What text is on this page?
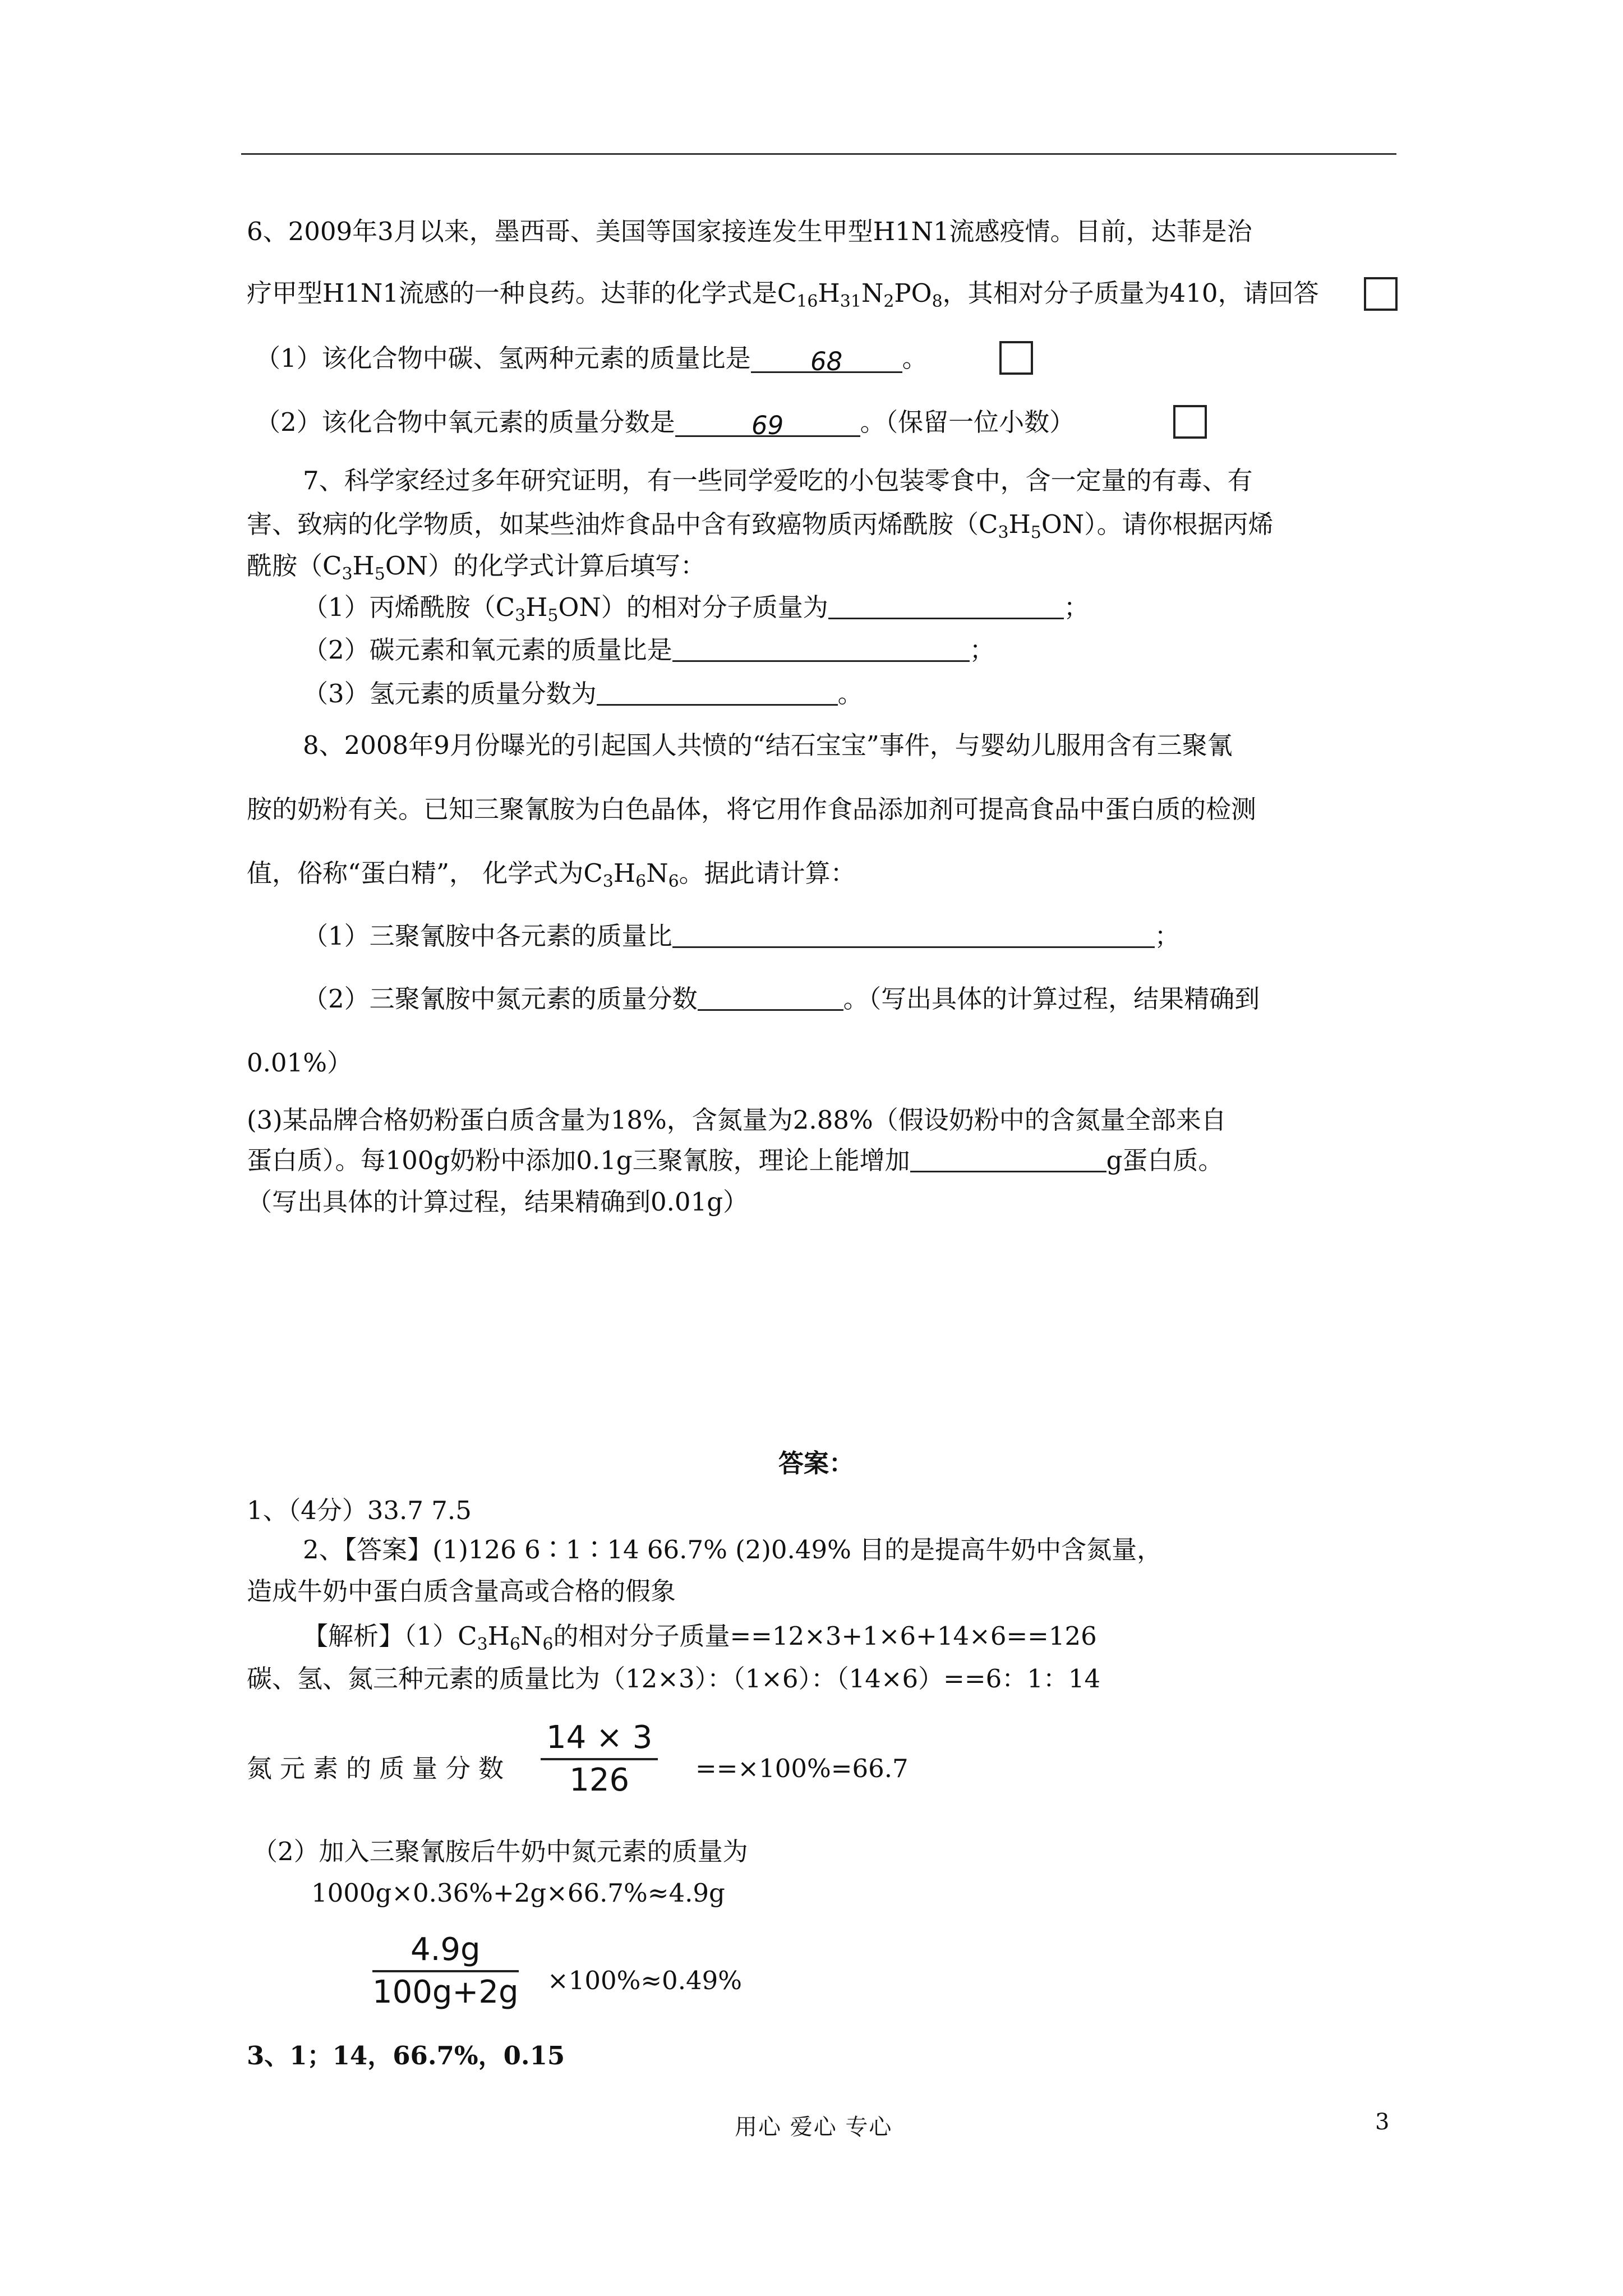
6、2009年3月以来，墨西哥、美国等国家接连发生甲型H1N1流感疫情。目前，达菲是治
疗甲型H1N1流感的一种良药。达菲的化学式是$C_{16}H_{31}N_2PO_8$，其相对分子质量为410，请回答
（1）该化合物中碳、氢两种元素的质量比是 68 。
（2）该化合物中氧元素的质量分数是	69	。（保留一位小数）
7、科学家经过多年研究证明，有一些同学爱吃的小包装零食中，含一定量的有毒、有
害、致病的化学物质，如某些油炸食品中含有致癌物质丙烯酰胺$(C_3H_5ON)$。请你根据丙烯
酰胺$(C_3H_5ON)$的化学式计算后填写：
（1）丙烯酰胺$(C_3H_5ON)$的相对分子质量为	；
（2）碳元素和氧元素的质量比是	；
（3）氢元素的质量分数为	。
8、2008年9月份曝光的引起国人共愤的“结石宝宝”事件，与婴幼儿服用含有三聚氰
胺的奶粉有关。已知三聚氰胺为白色晶体，将它用作食品添加剂可提高食品中蛋白质的检测
值，俗称“蛋白精”， 化学式为$C_3H_6N_6$。据此请计算：
（1）三聚氰胺中各元素的质量比	；
（2）三聚氰胺中氮元素的质量分数	。（写出具体的计算过程，结果精确到
0.01%）
(3)某品牌合格奶粉蛋白质含量为18%，含氮量为2.88%（假设奶粉中的含氮量全部来自
蛋白质）。每100g奶粉中添加0.1g三聚氰胺，理论上能增加	g蛋白质。
（写出具体的计算过程，结果精确到0.01g）
答案：
1、（4分）33.7 7.5
2、【答案】(1)126 6∶1∶14 66.7% (2)0.49% 目的是提高牛奶中含氮量，
造成牛奶中蛋白质含量高或合格的假象
【解析】$(1)C_3H_6N_6$的相对分子质量==12×3+1×6+14×6==126
碳、氢、氮三种元素的质量比为（12×3）：（1×6）：（14×6）==6：1：14
氮元素的质量分数
14 × 3
126	==×100%=66.7
（2）加入三聚氰胺后牛奶中氮元素的质量为
1000g×0.36%+2g×66.7%≈4.9g
4.9g
100g+2g ×100%≈0.49%
3、1；14，66.7%，0.15
用心 爱心 专心	3
